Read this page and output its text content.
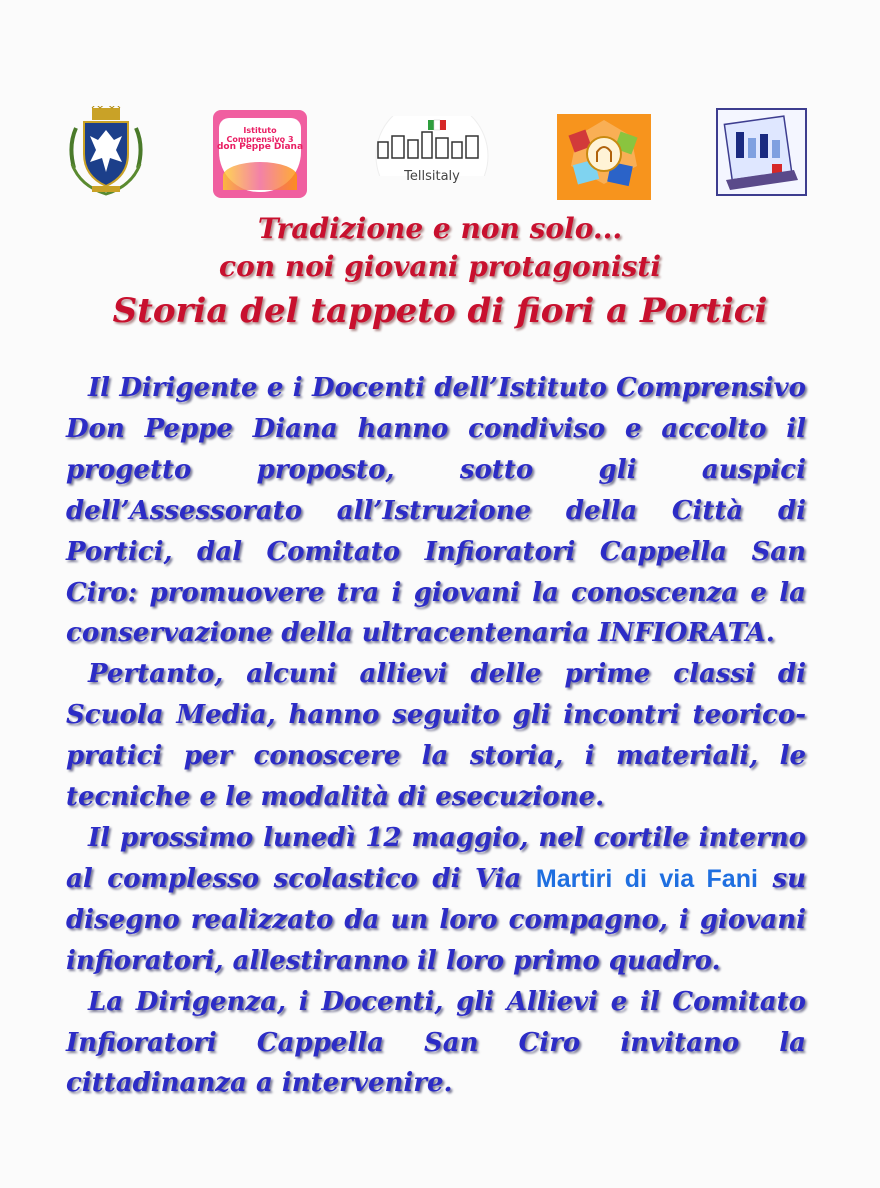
Istituto Comprensivo 3
don Peppe Diana
Tellsitaly
Tradizione e non solo...
con noi giovani protagonisti
Storia del tappeto di fiori a Portici

Il Dirigente e i Docenti dell’Istituto Comprensivo Don Peppe Diana hanno condiviso e accolto il progetto proposto, sotto gli auspici dell’Assessorato all’Istruzione della Città di Portici, dal Comitato Infioratori Cappella San Ciro: promuovere tra i giovani la conoscenza e la conservazione della ultracentenaria INFIORATA.

Pertanto, alcuni allievi delle prime classi di Scuola Media, hanno seguito gli incontri teorico-pratici per conoscere la storia, i materiali, le tecniche e le modalità di esecuzione.

Il prossimo lunedì 12 maggio, nel cortile interno al complesso scolastico di Via Martiri di via Fani su disegno realizzato da un loro compagno, i giovani infioratori, allestiranno il loro primo quadro.

La Dirigenza, i Docenti, gli Allievi e il Comitato Infioratori Cappella San Ciro invitano la cittadinanza a intervenire.
